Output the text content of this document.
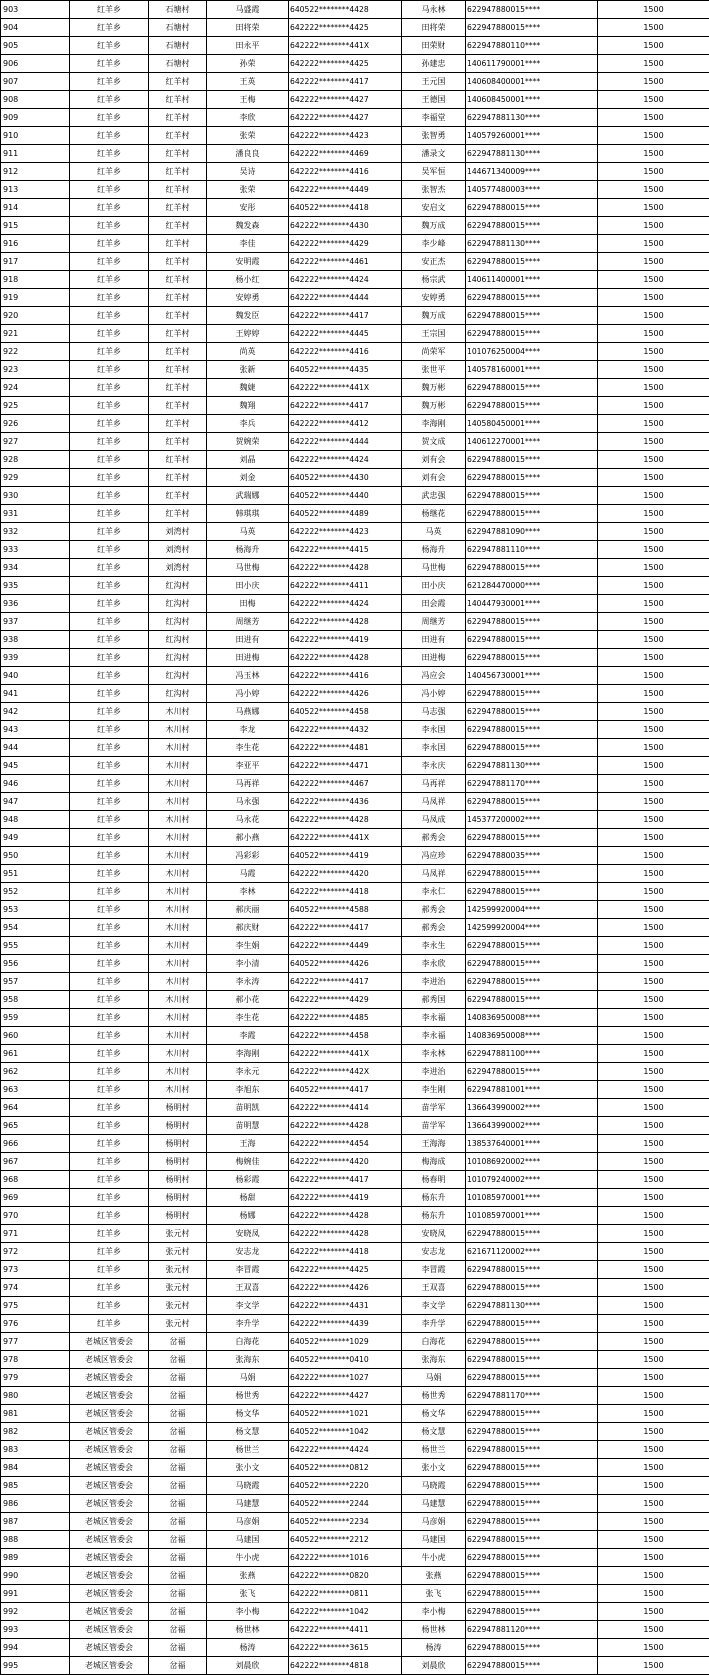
903	红羊乡	石塘村	马盛霞	640522********4428	马永林	622947880015****	1500
904	红羊乡	石塘村	田将荣	642222********4425	田将荣	622947880015****	1500
905	红羊乡	石塘村	田永平	642222********441X	田荣财	622947880110****	1500
906	红羊乡	石塘村	孙荣	642222********4425	孙建忠	140611790001****	1500
907	红羊乡	红羊村	王英	642222********4417	王元国	140608400001****	1500
908	红羊乡	红羊村	王梅	642222********4427	王德国	140608450001****	1500
909	红羊乡	红羊村	李欣	642222********4427	李福堂	622947881130****	1500
910	红羊乡	红羊村	张荣	642222********4423	张智勇	140579260001****	1500
911	红羊乡	红羊村	潘良良	642222********4469	潘录文	622947881130****	1500
912	红羊乡	红羊村	吴诗	642222********4416	吴军恒	144671340009****	1500
913	红羊乡	红羊村	张荣	642222********4449	张智杰	140577480003****	1500
914	红羊乡	红羊村	安彤	640522********4418	安启文	622947880015****	1500
915	红羊乡	红羊村	魏发森	642222********4430	魏万成	622947880015****	1500
916	红羊乡	红羊村	李佳	642222********4429	李少峰	622947881130****	1500
917	红羊乡	红羊村	安明霞	642222********4461	安正杰	622947880015****	1500
918	红羊乡	红羊村	杨小红	642222********4424	杨宗武	140611400001****	1500
919	红羊乡	红羊村	安婷勇	642222********4444	安婷勇	622947880015****	1500
920	红羊乡	红羊村	魏发臣	642222********4417	魏万成	622947880015****	1500
921	红羊乡	红羊村	王婷婷	642222********4445	王宗国	622947880015****	1500
922	红羊乡	红羊村	尚英	642222********4416	尚荣军	101076250004****	1500
923	红羊乡	红羊村	张新	640522********4435	张世平	140578160001****	1500
924	红羊乡	红羊村	魏婕	642222********441X	魏万彬	622947880015****	1500
925	红羊乡	红羊村	魏翔	642222********4417	魏万彬	622947880015****	1500
926	红羊乡	红羊村	李兵	642222********4412	李海刚	140580450001****	1500
927	红羊乡	红羊村	贺婉荣	642222********4444	贺文成	140612270001****	1500
928	红羊乡	红羊村	刘晶	642222********4424	刘有会	622947880015****	1500
929	红羊乡	红羊村	刘金	640522********4430	刘有会	622947880015****	1500
930	红羊乡	红羊村	武瑞娜	640522********4440	武忠强	622947880015****	1500
931	红羊乡	红羊村	韩琪琪	640522********4489	杨继花	622947880015****	1500
932	红羊乡	刘湾村	马英	642222********4423	马英	622947881090****	1500
933	红羊乡	刘湾村	杨海升	642222********4415	杨海升	622947881110****	1500
934	红羊乡	刘湾村	马世梅	642222********4428	马世梅	622947880015****	1500
935	红羊乡	红沟村	田小庆	642222********4411	田小庆	621284470000****	1500
936	红羊乡	红沟村	田梅	642222********4424	田会霞	140447930001****	1500
937	红羊乡	红沟村	周继芳	642222********4428	周继芳	622947880015****	1500
938	红羊乡	红沟村	田进有	642222********4419	田进有	622947880015****	1500
939	红羊乡	红沟村	田进梅	642222********4428	田进梅	622947880015****	1500
940	红羊乡	红沟村	冯玉林	642222********4416	冯应会	140456730001****	1500
941	红羊乡	红沟村	冯小婷	642222********4426	冯小婷	622947880015****	1500
942	红羊乡	木川村	马燕娜	640522********4458	马志强	622947880015****	1500
943	红羊乡	木川村	李龙	642222********4432	李永国	622947880015****	1500
944	红羊乡	木川村	李生花	642222********4481	李永国	622947880015****	1500
945	红羊乡	木川村	李亚平	642222********4471	李永庆	622947881130****	1500
946	红羊乡	木川村	马再祥	642222********4467	马再祥	622947881170****	1500
947	红羊乡	木川村	马永强	642222********4436	马凤祥	622947880015****	1500
948	红羊乡	木川村	马永花	642222********4428	马凤成	145377200002****	1500
949	红羊乡	木川村	郝小燕	642222********441X	郝秀会	622947880015****	1500
950	红羊乡	木川村	冯彩彩	640522********4419	冯应珍	622947880035****	1500
951	红羊乡	木川村	马霞	642222********4420	马凤祥	622947880015****	1500
952	红羊乡	木川村	李林	642222********4418	李永仁	622947880015****	1500
953	红羊乡	木川村	郝庆丽	640522********4588	郝秀会	142599920004****	1500
954	红羊乡	木川村	郝庆财	642222********4417	郝秀会	142599920004****	1500
955	红羊乡	木川村	李生娟	642222********4449	李永生	622947880015****	1500
956	红羊乡	木川村	李小清	640522********4426	李永欣	622947880015****	1500
957	红羊乡	木川村	李永涛	642222********4417	李进治	622947880015****	1500
958	红羊乡	木川村	郝小花	642222********4429	郝秀国	622947880015****	1500
959	红羊乡	木川村	李生花	642222********4485	李永福	140836950008****	1500
960	红羊乡	木川村	李霞	642222********4458	李永福	140836950008****	1500
961	红羊乡	木川村	李海刚	642222********441X	李永林	622947881100****	1500
962	红羊乡	木川村	李永元	642222********442X	李进治	622947880015****	1500
963	红羊乡	木川村	李旭东	640522********4417	李生刚	622947881001****	1500
964	红羊乡	杨明村	苗明凯	642222********4414	苗学军	136643990002****	1500
965	红羊乡	杨明村	苗明慧	642222********4428	苗学军	136643990002****	1500
966	红羊乡	杨明村	王海	642222********4454	王海海	138537640001****	1500
967	红羊乡	杨明村	梅婉佳	642222********4420	梅海成	101086920002****	1500
968	红羊乡	杨明村	杨彩霞	642222********4417	杨春明	101079240002****	1500
969	红羊乡	杨明村	杨甜	642222********4419	杨东升	101085970001****	1500
970	红羊乡	杨明村	杨娜	642222********4428	杨东升	101085970001****	1500
971	红羊乡	张元村	安晓凤	642222********4428	安晓凤	622947880015****	1500
972	红羊乡	张元村	安志龙	642222********4418	安志龙	621671120002****	1500
973	红羊乡	张元村	李冒霞	642222********4425	李冒霞	622947880015****	1500
974	红羊乡	张元村	王双喜	642222********4426	王双喜	622947880015****	1500
975	红羊乡	张元村	李文学	642222********4431	李文学	622947881130****	1500
976	红羊乡	张元村	李升学	642222********4439	李升学	622947880015****	1500
977	老城区管委会	岔福	白海花	640522********1029	白海花	622947880015****	1500
978	老城区管委会	岔福	张海东	640522********0410	张海东	622947880015****	1500
979	老城区管委会	岔福	马娟	642222********1027	马娟	622947880015****	1500
980	老城区管委会	岔福	杨世秀	642222********4427	杨世秀	622947881170****	1500
981	老城区管委会	岔福	杨文华	640522********1021	杨文华	622947880015****	1500
982	老城区管委会	岔福	杨文慧	640522********1042	杨文慧	622947880015****	1500
983	老城区管委会	岔福	杨世兰	642222********4424	杨世兰	622947880015****	1500
984	老城区管委会	岔福	张小文	640522********0812	张小文	622947880015****	1500
985	老城区管委会	岔福	马晓霞	640522********2220	马晓霞	622947880015****	1500
986	老城区管委会	岔福	马建慧	640522********2244	马建慧	622947880015****	1500
987	老城区管委会	岔福	马彦娟	640522********2234	马彦娟	622947880015****	1500
988	老城区管委会	岔福	马建国	640522********2212	马建国	622947880015****	1500
989	老城区管委会	岔福	牛小虎	642222********1016	牛小虎	622947880015****	1500
990	老城区管委会	岔福	张燕	642222********0820	张燕	622947880015****	1500
991	老城区管委会	岔福	张飞	642222********0811	张飞	622947880015****	1500
992	老城区管委会	岔福	李小梅	642222********1042	李小梅	622947880015****	1500
993	老城区管委会	岔福	杨世林	642222********4411	杨世林	622947881120****	1500
994	老城区管委会	岔福	杨涛	642222********3615	杨涛	622947880015****	1500
995	老城区管委会	岔福	刘晨欣	642222********4818	刘晨欣	622947880015****	1500
